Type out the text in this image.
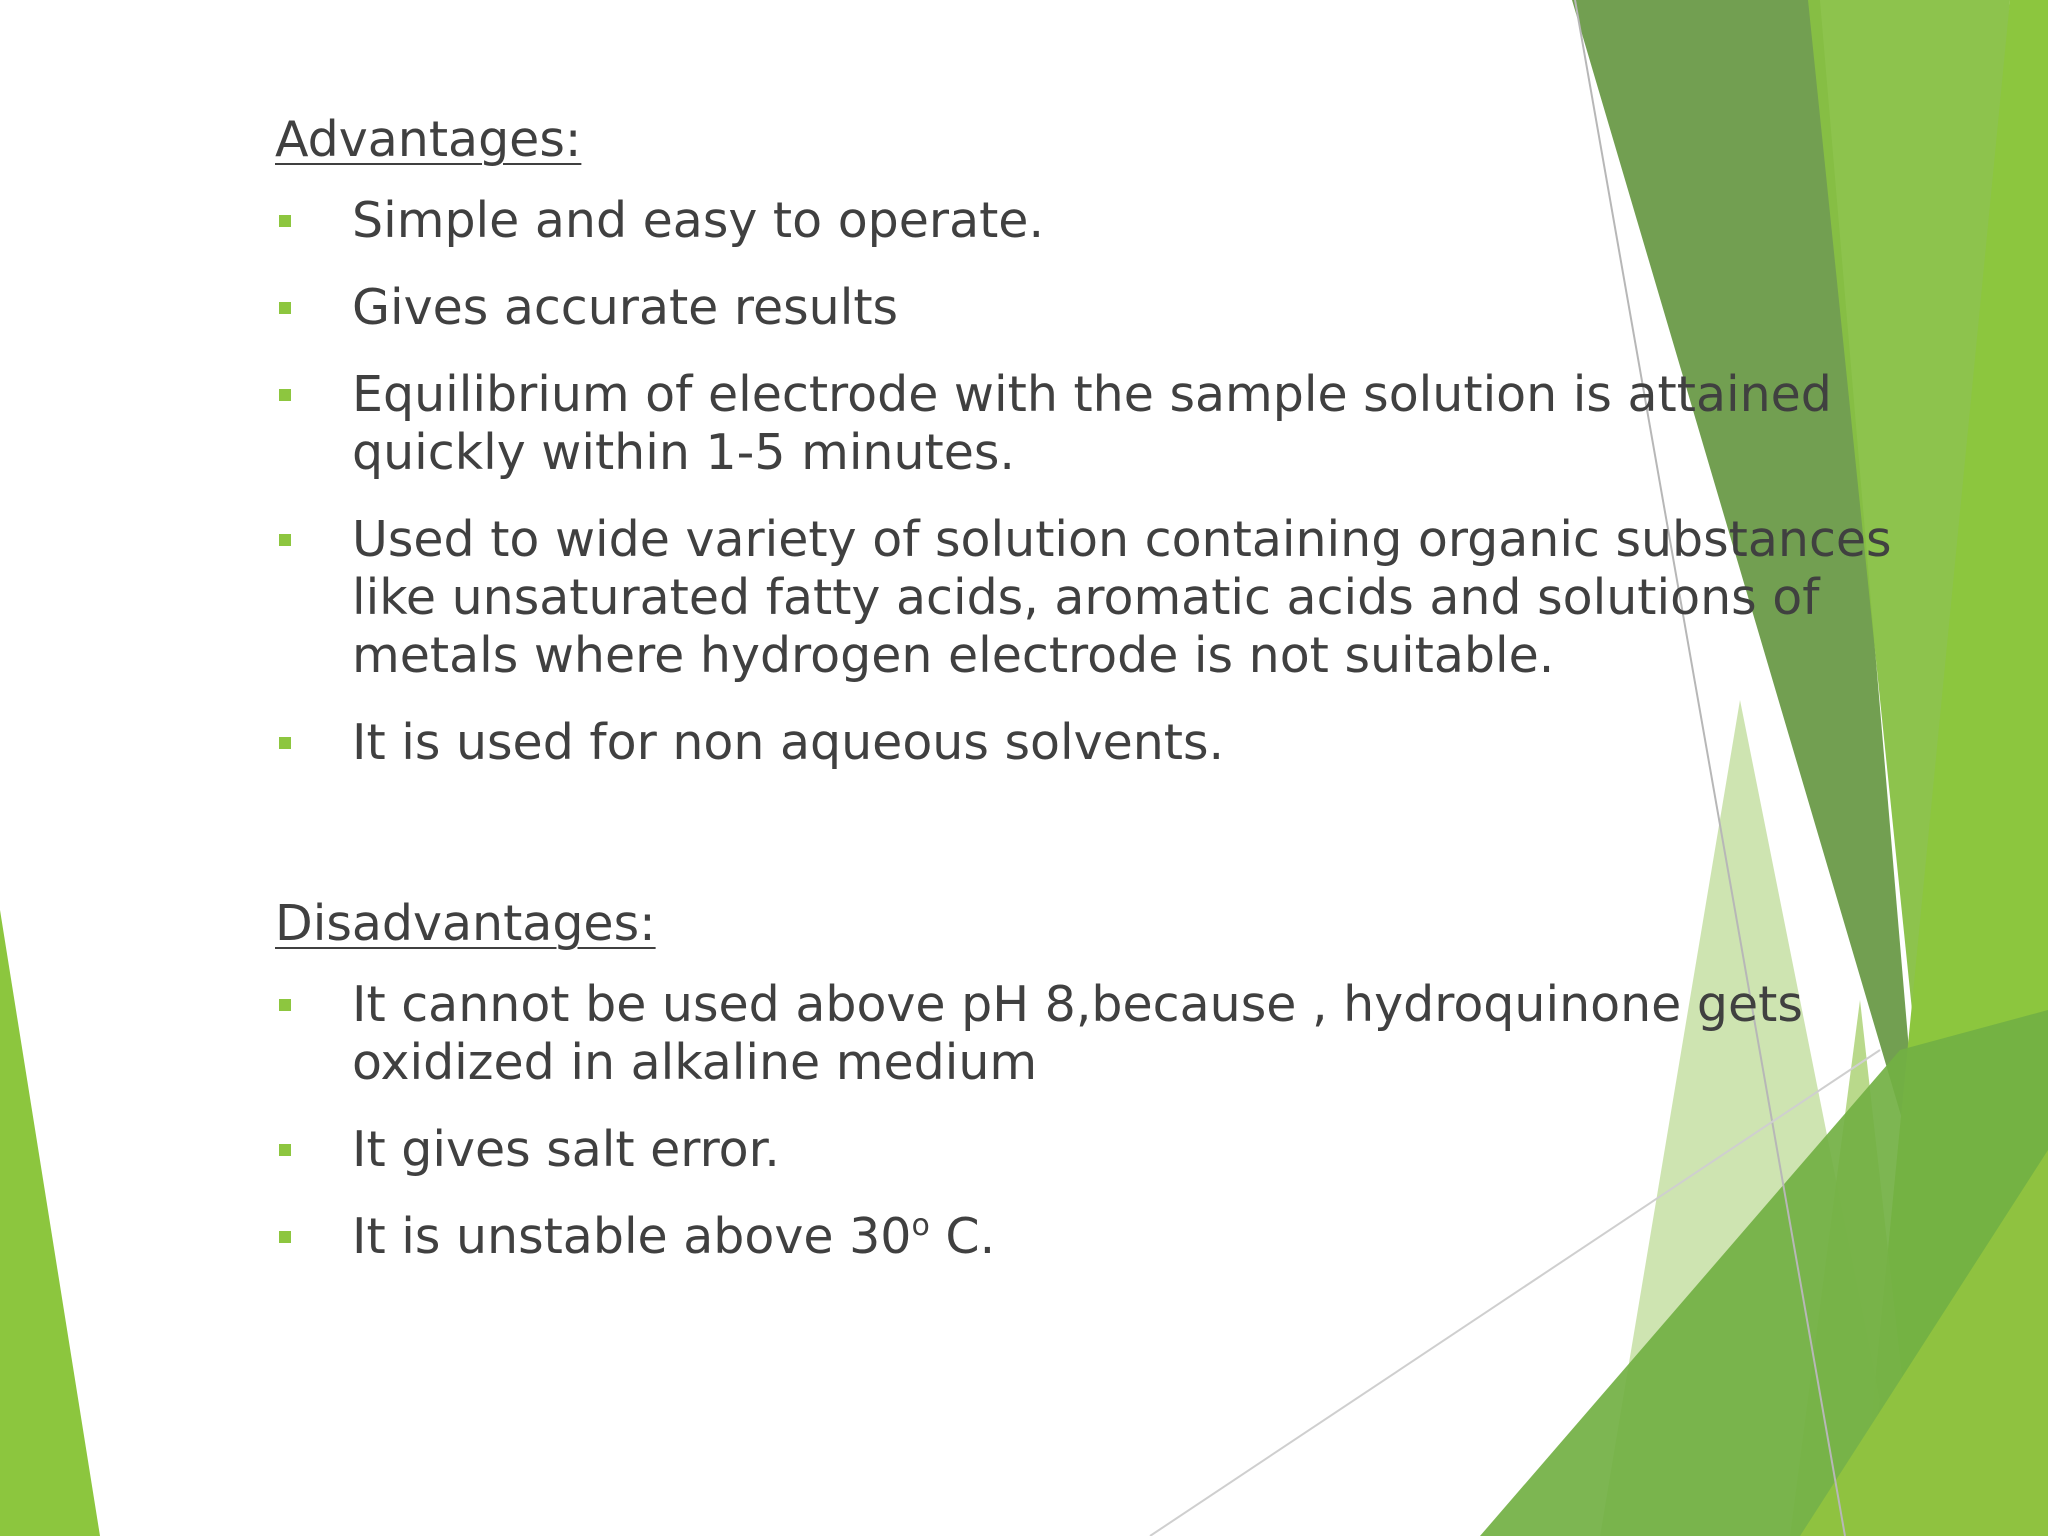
Advantages:
Simple and easy to operate.
Gives accurate results
Equilibrium of electrode with the sample solution is attained quickly within 1-5 minutes.
Used to wide variety of solution containing organic substances like unsaturated fatty acids, aromatic acids and solutions of metals where hydrogen electrode is not suitable.
It is used for non aqueous solvents.
Disadvantages:
It cannot be used above pH 8,because , hydroquinone gets oxidized in alkaline medium
It gives salt error.
It is unstable above 30$^o$ C.
